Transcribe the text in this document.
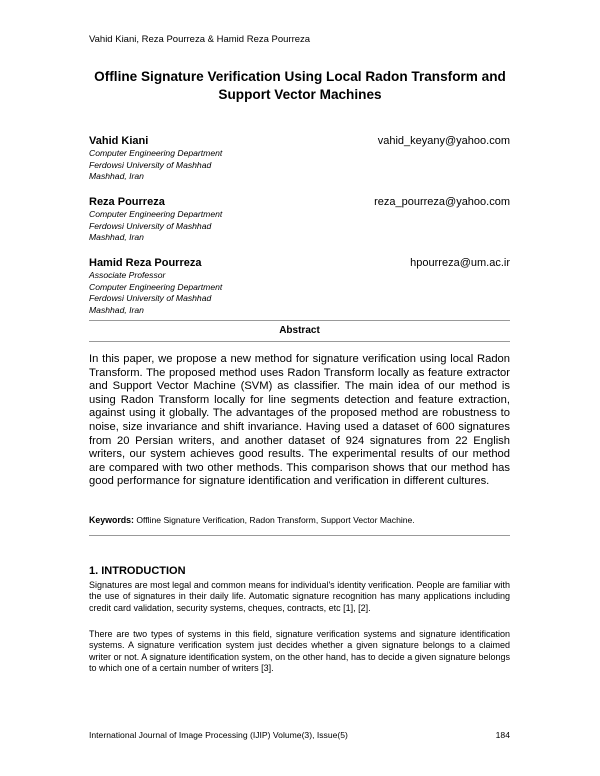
Vahid Kiani, Reza Pourreza & Hamid Reza Pourreza
Offline Signature Verification Using Local Radon Transform and
Support Vector Machines
Vahid Kiani	vahid_keyany@yahoo.com
Computer Engineering Department
Ferdowsi University of Mashhad
Mashhad, Iran
Reza Pourreza	reza_pourreza@yahoo.com
Computer Engineering Department
Ferdowsi University of Mashhad
Mashhad, Iran
Hamid Reza Pourreza	hpourreza@um.ac.ir
Associate Professor
Computer Engineering Department
Ferdowsi University of Mashhad
Mashhad, Iran
Abstract
In this paper, we propose a new method for signature verification using local Radon Transform. The proposed method uses Radon Transform locally as feature extractor and Support Vector Machine (SVM) as classifier. The main idea of our method is using Radon Transform locally for line segments detection and feature extraction, against using it globally. The advantages of the proposed method are robustness to noise, size invariance and shift invariance. Having used a dataset of 600 signatures from 20 Persian writers, and another dataset of 924 signatures from 22 English writers, our system achieves good results. The experimental results of our method are compared with two other methods. This comparison shows that our method has good performance for signature identification and verification in different cultures.
Keywords: Offline Signature Verification, Radon Transform, Support Vector Machine.
1. INTRODUCTION
Signatures are most legal and common means for individual's identity verification. People are familiar with the use of signatures in their daily life. Automatic signature recognition has many applications including credit card validation, security systems, cheques, contracts, etc [1], [2].
There are two types of systems in this field, signature verification systems and signature identification systems. A signature verification system just decides whether a given signature belongs to a claimed writer or not. A signature identification system, on the other hand, has to decide a given signature belongs to which one of a certain number of writers [3].
International Journal of Image Processing (IJIP) Volume(3), Issue(5)	184
